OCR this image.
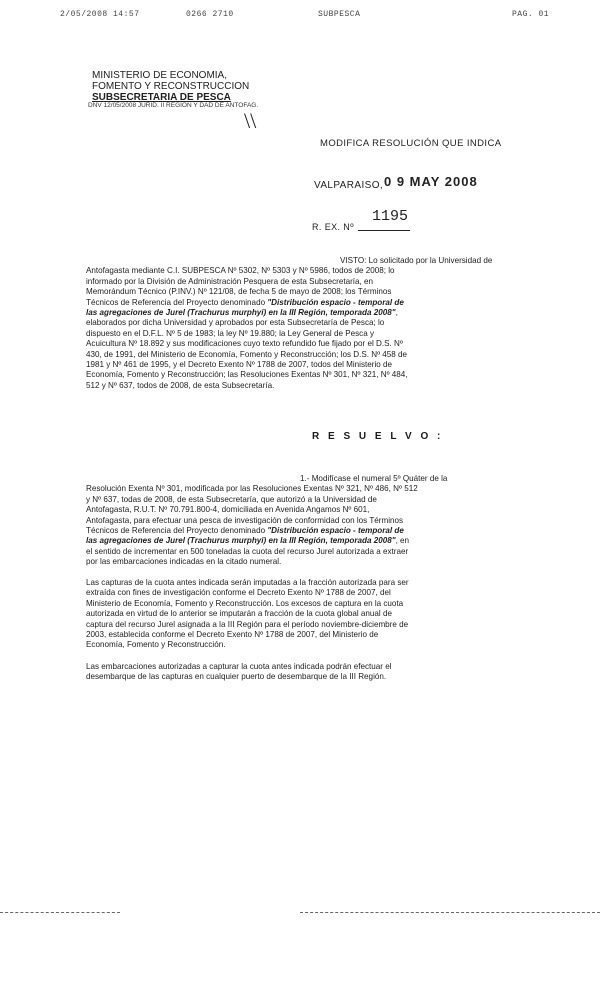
2/05/2008 14:57	0266 2710	SUBPESCA	PAG. 01
MINISTERIO DE ECONOMIA,
FOMENTO Y RECONSTRUCCION
SUBSECRETARIA DE PESCA
DNV 12/05/2008 JURID. II REGION Y DAD DE ANTOFAG.
\\
MODIFICA RESOLUCIÓN QUE INDICA
VALPARAISO, 0 9 MAY 2008
R. EX. Nº
1195
VISTO: Lo solicitado por la Universidad de
Antofagasta mediante C.I. SUBPESCA Nº 5302, Nº 5303 y Nº 5986, todos de 2008; lo
informado por la División de Administración Pesquera de esta Subsecretaría, en
Memorándum Técnico (P.INV.) Nº 121/08, de fecha 5 de mayo de 2008; los Términos
Técnicos de Referencia del Proyecto denominado "Distribución espacio - temporal de
las agregaciones de Jurel (Trachurus murphyi) en la III Región, temporada 2008",
elaborados por dicha Universidad y aprobados por esta Subsecretaría de Pesca; lo
dispuesto en el D.F.L. Nº 5 de 1983; la ley Nº 19.880; la Ley General de Pesca y
Acuicultura Nº 18.892 y sus modificaciones cuyo texto refundido fue fijado por el D.S. Nº
430, de 1991, del Ministerio de Economía, Fomento y Reconstrucción; los D.S. Nº 458 de
1981 y Nº 461 de 1995, y el Decreto Exento Nº 1788 de 2007, todos del Ministerio de
Economía, Fomento y Reconstrucción; las Resoluciones Exentas Nº 301, Nº 321, Nº 484,
512 y Nº 637, todos de 2008, de esta Subsecretaría.
R E S U E L V O :
1.- Modifícase el numeral 5º Quáter de la
Resolución Exenta Nº 301, modificada por las Resoluciones Exentas Nº 321, Nº 486, Nº 512
y Nº 637, todas de 2008, de esta Subsecretaría, que autorizó a la Universidad de
Antofagasta, R.U.T. Nº 70.791.800-4, domiciliada en Avenida Angamos Nº 601,
Antofagasta, para efectuar una pesca de investigación de conformidad con los Términos
Técnicos de Referencia del Proyecto denominado "Distribución espacio - temporal de
las agregaciones de Jurel (Trachurus murphyi) en la III Región, temporada 2008", en
el sentido de incrementar en 500 toneladas la cuota del recurso Jurel autorizada a extraer
por las embarcaciones indicadas en la citado numeral.
Las capturas de la cuota antes indicada serán imputadas a la fracción autorizada para ser
extraída con fines de investigación conforme el Decreto Exento Nº 1788 de 2007, del
Ministerio de Economía, Fomento y Reconstrucción. Los excesos de captura en la cuota
autorizada en virtud de lo anterior se imputarán a fracción de la cuota global anual de
captura del recurso Jurel asignada a la III Región para el período noviembre-diciembre de
2003, establecida conforme el Decreto Exento Nº 1788 de 2007, del Ministerio de
Economía, Fomento y Reconstrucción.
Las embarcaciones autorizadas a capturar la cuota antes indicada podrán efectuar el
desembarque de las capturas en cualquier puerto de desembarque de la III Región.
